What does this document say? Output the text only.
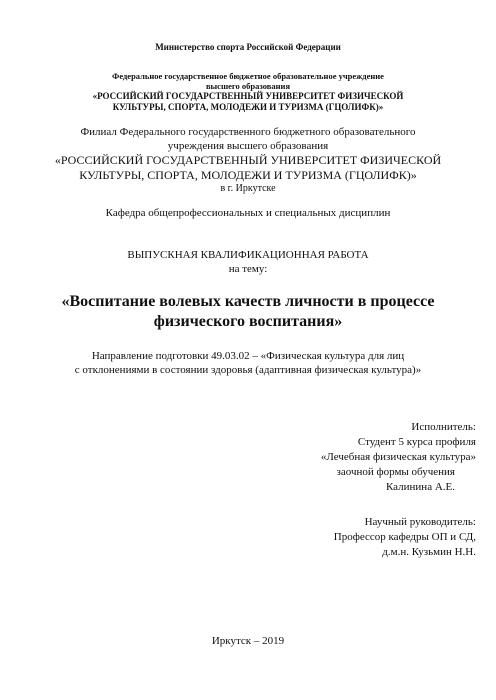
Министерство спорта Российской Федерации
Федеральное государственное бюджетное образовательное учреждение
высшего образования
«РОССИЙСКИЙ ГОСУДАРСТВЕННЫЙ УНИВЕРСИТЕТ ФИЗИЧЕСКОЙ
КУЛЬТУРЫ, СПОРТА, МОЛОДЕЖИ И ТУРИЗМА (ГЦОЛИФК)»
Филиал Федерального государственного бюджетного образовательного
учреждения высшего образования
«РОССИЙСКИЙ ГОСУДАРСТВЕННЫЙ УНИВЕРСИТЕТ ФИЗИЧЕСКОЙ
КУЛЬТУРЫ, СПОРТА, МОЛОДЕЖИ И ТУРИЗМА (ГЦОЛИФК)»
в г. Иркутске
Кафедра общепрофессиональных и специальных дисциплин
ВЫПУСКНАЯ КВАЛИФИКАЦИОННАЯ РАБОТА
на тему:
«Воспитание волевых качеств личности в процессе
физического воспитания»
Направление подготовки 49.03.02 – «Физическая культура для лиц
с отклонениями в состоянии здоровья (адаптивная физическая культура)»
Исполнитель:
Студент 5 курса профиля
«Лечебная физическая культура»
заочной формы обучения
Калинина А.Е.
Научный руководитель:
Профессор кафедры ОП и СД,
д.м.н. Кузьмин Н.Н.
Иркутск – 2019
